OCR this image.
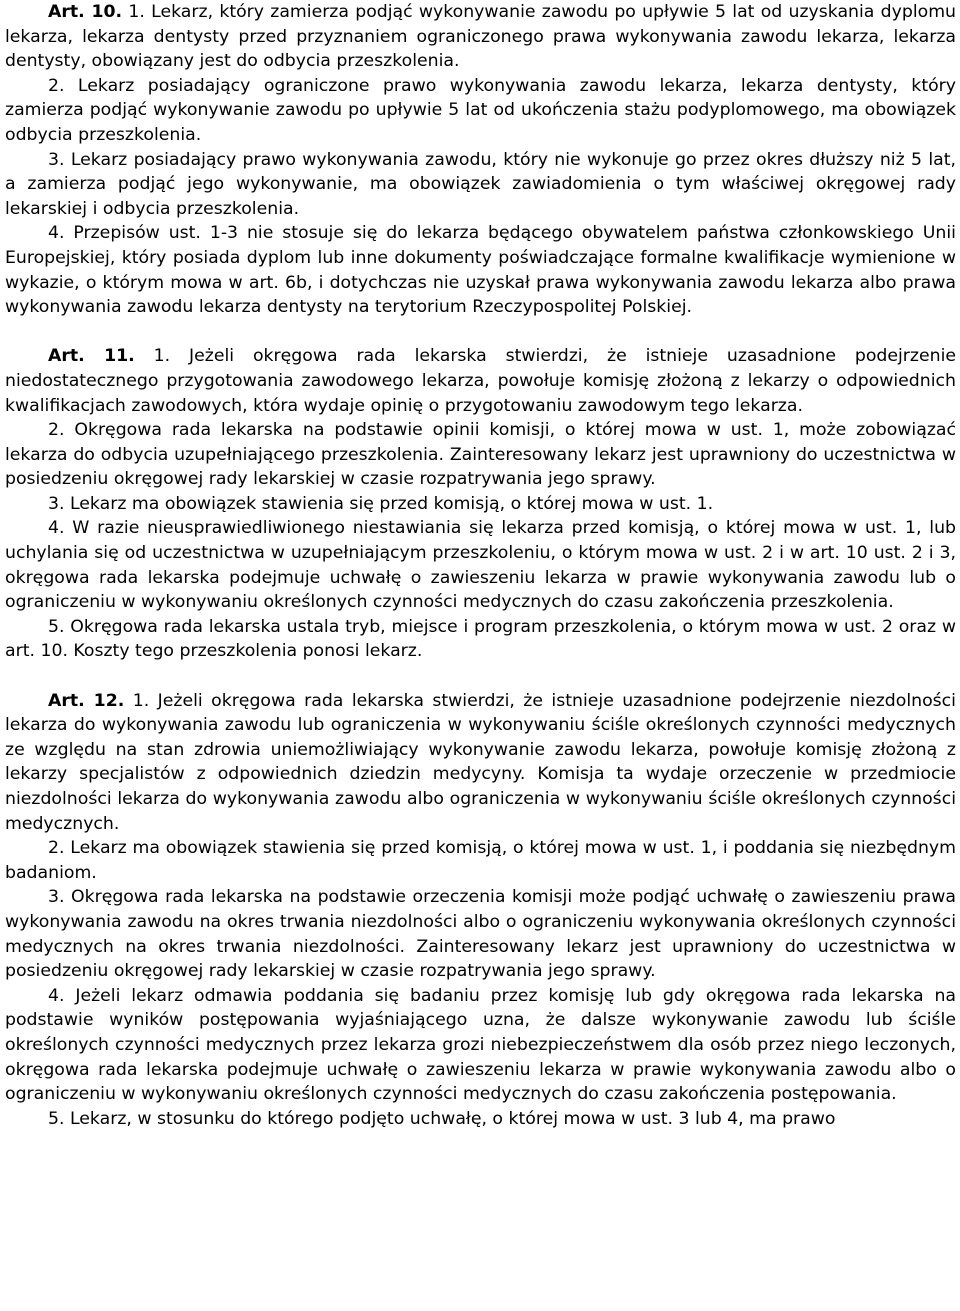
Art. 10. 1. Lekarz, który zamierza podjąć wykonywanie zawodu po upływie 5 lat od uzyskania dyplomu lekarza, lekarza dentysty przed przyznaniem ograniczonego prawa wykonywania zawodu lekarza, lekarza dentysty, obowiązany jest do odbycia przeszkolenia.

2. Lekarz posiadający ograniczone prawo wykonywania zawodu lekarza, lekarza dentysty, który zamierza podjąć wykonywanie zawodu po upływie 5 lat od ukończenia stażu podyplomowego, ma obowiązek odbycia przeszkolenia.

3. Lekarz posiadający prawo wykonywania zawodu, który nie wykonuje go przez okres dłuższy niż 5 lat, a zamierza podjąć jego wykonywanie, ma obowiązek zawiadomienia o tym właściwej okręgowej rady lekarskiej i odbycia przeszkolenia.

4. Przepisów ust. 1-3 nie stosuje się do lekarza będącego obywatelem państwa członkowskiego Unii Europejskiej, który posiada dyplom lub inne dokumenty poświadczające formalne kwalifikacje wymienione w wykazie, o którym mowa w art. 6b, i dotychczas nie uzyskał prawa wykonywania zawodu lekarza albo prawa wykonywania zawodu lekarza dentysty na terytorium Rzeczypospolitej Polskiej.

Art. 11. 1. Jeżeli okręgowa rada lekarska stwierdzi, że istnieje uzasadnione podejrzenie niedostatecznego przygotowania zawodowego lekarza, powołuje komisję złożoną z lekarzy o odpowiednich kwalifikacjach zawodowych, która wydaje opinię o przygotowaniu zawodowym tego lekarza.

2. Okręgowa rada lekarska na podstawie opinii komisji, o której mowa w ust. 1, może zobowiązać lekarza do odbycia uzupełniającego przeszkolenia. Zainteresowany lekarz jest uprawniony do uczestnictwa w posiedzeniu okręgowej rady lekarskiej w czasie rozpatrywania jego sprawy.

3. Lekarz ma obowiązek stawienia się przed komisją, o której mowa w ust. 1.

4. W razie nieusprawiedliwionego niestawiania się lekarza przed komisją, o której mowa w ust. 1, lub uchylania się od uczestnictwa w uzupełniającym przeszkoleniu, o którym mowa w ust. 2 i w art. 10 ust. 2 i 3, okręgowa rada lekarska podejmuje uchwałę o zawieszeniu lekarza w prawie wykonywania zawodu lub o ograniczeniu w wykonywaniu określonych czynności medycznych do czasu zakończenia przeszkolenia.

5. Okręgowa rada lekarska ustala tryb, miejsce i program przeszkolenia, o którym mowa w ust. 2 oraz w art. 10. Koszty tego przeszkolenia ponosi lekarz.

Art. 12. 1. Jeżeli okręgowa rada lekarska stwierdzi, że istnieje uzasadnione podejrzenie niezdolności lekarza do wykonywania zawodu lub ograniczenia w wykonywaniu ściśle określonych czynności medycznych ze względu na stan zdrowia uniemożliwiający wykonywanie zawodu lekarza, powołuje komisję złożoną z lekarzy specjalistów z odpowiednich dziedzin medycyny. Komisja ta wydaje orzeczenie w przedmiocie niezdolności lekarza do wykonywania zawodu albo ograniczenia w wykonywaniu ściśle określonych czynności medycznych.

2. Lekarz ma obowiązek stawienia się przed komisją, o której mowa w ust. 1, i poddania się niezbędnym badaniom.

3. Okręgowa rada lekarska na podstawie orzeczenia komisji może podjąć uchwałę o zawieszeniu prawa wykonywania zawodu na okres trwania niezdolności albo o ograniczeniu wykonywania określonych czynności medycznych na okres trwania niezdolności. Zainteresowany lekarz jest uprawniony do uczestnictwa w posiedzeniu okręgowej rady lekarskiej w czasie rozpatrywania jego sprawy.

4. Jeżeli lekarz odmawia poddania się badaniu przez komisję lub gdy okręgowa rada lekarska na podstawie wyników postępowania wyjaśniającego uzna, że dalsze wykonywanie zawodu lub ściśle określonych czynności medycznych przez lekarza grozi niebezpieczeństwem dla osób przez niego leczonych, okręgowa rada lekarska podejmuje uchwałę o zawieszeniu lekarza w prawie wykonywania zawodu albo o ograniczeniu w wykonywaniu określonych czynności medycznych do czasu zakończenia postępowania.

5. Lekarz, w stosunku do którego podjęto uchwałę, o której mowa w ust. 3 lub 4, ma prawo
